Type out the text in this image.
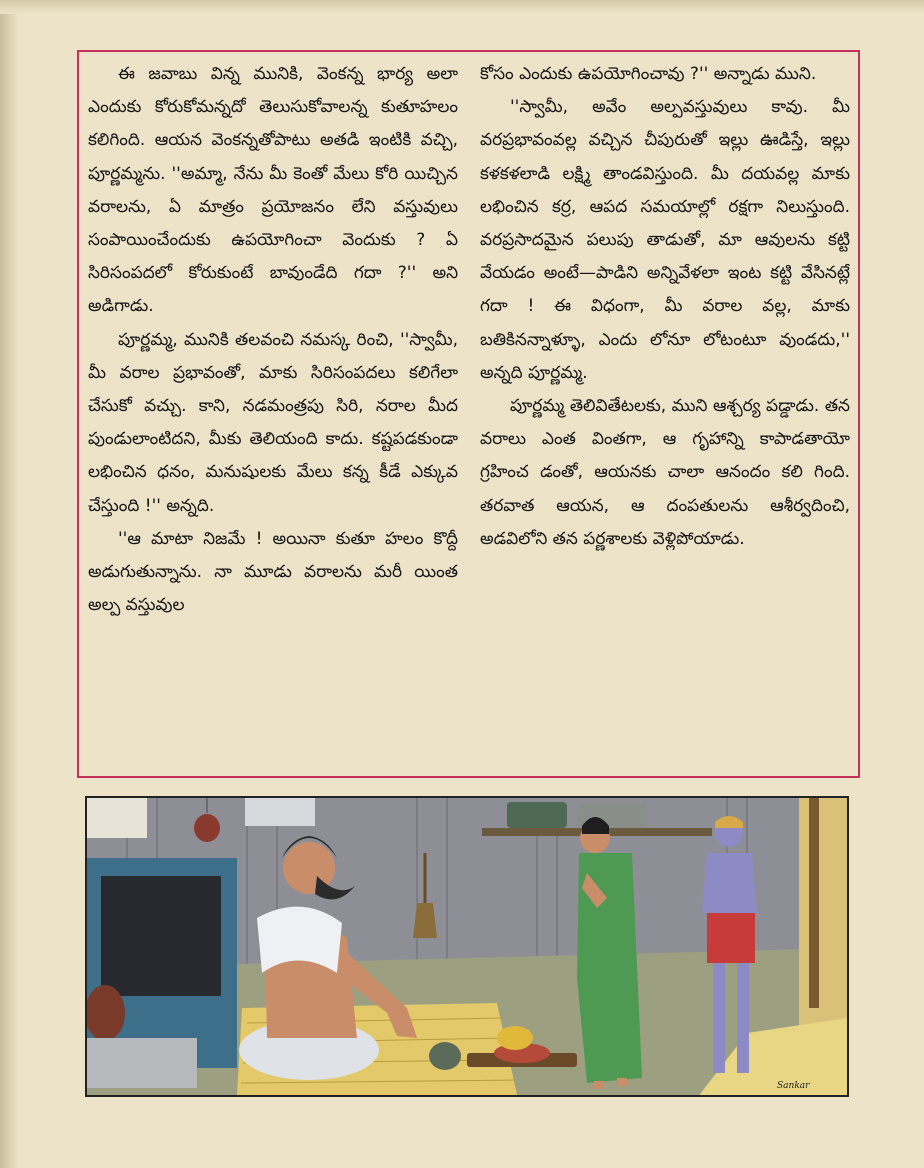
ఈ జవాబు విన్న మునికి, వెంకన్న భార్య అలా ఎందుకు కోరుకోమన్నదో తెలుసుకోవాలన్న కుతూహలం కలిగింది. ఆయన వెంకన్నతోపాటు అతడి ఇంటికి వచ్చి, పూర్ణమ్మను. ''అమ్మా, నేను మీ కెంతో మేలు కోరి యిచ్చిన వరాలను, ఏ మాత్రం ప్రయోజనం లేని వస్తువులు సంపాయించేందుకు ఉపయోగించా వెందుకు ? ఏ సిరిసంపదలో కోరుకుంటే బావుండేది గదా ?'' అని అడిగాడు.

పూర్ణమ్మ, మునికి తలవంచి నమస్క రించి, ''స్వామీ, మీ వరాల ప్రభావంతో, మాకు సిరిసంపదలు కలిగేలా చేసుకో వచ్చు. కాని, నడమంత్రపు సిరి, నరాల మీద పుండులాంటిదని, మీకు తెలియంది కాదు. కష్టపడకుండా లభించిన ధనం, మనుషులకు మేలు కన్న కీడే ఎక్కువ చేస్తుంది !'' అన్నది.

''ఆ మాటా నిజమే ! అయినా కుతూ హలం కొద్దీ అడుగుతున్నాను. నా మూడు వరాలను మరీ యింత అల్ప వస్తువుల

కోసం ఎందుకు ఉపయోగించావు ?'' అన్నాడు ముని.

''స్వామీ, అవేం అల్పవస్తువులు కావు. మీ వరప్రభావంవల్ల వచ్చిన చీపురుతో ఇల్లు ఊడిస్తే, ఇల్లు కళకళలాడి లక్ష్మి తాండవిస్తుంది. మీ దయవల్ల మాకు లభించిన కర్ర, ఆపద సమయాల్లో రక్షగా నిలుస్తుంది. వరప్రసాదమైన పలుపు తాడుతో, మా ఆవులను కట్టి వేయడం అంటే—పాడిని అన్నివేళలా ఇంట కట్టి వేసినట్లే గదా ! ఈ విధంగా, మీ వరాల వల్ల, మాకు బతికినన్నాళ్ళూ, ఎందు లోనూ లోటంటూ వుండదు,'' అన్నది పూర్ణమ్మ.

పూర్ణమ్మ తెలివితేటలకు, ముని ఆశ్చర్య పడ్డాడు. తన వరాలు ఎంత వింతగా, ఆ గృహాన్ని కాపాడతాయో గ్రహించ డంతో, ఆయనకు చాలా ఆనందం కలి గింది. తరవాత ఆయన, ఆ దంపతులను ఆశీర్వదించి, అడవిలోని తన పర్ణశాలకు వెళ్లిపోయాడు.

Sankar
